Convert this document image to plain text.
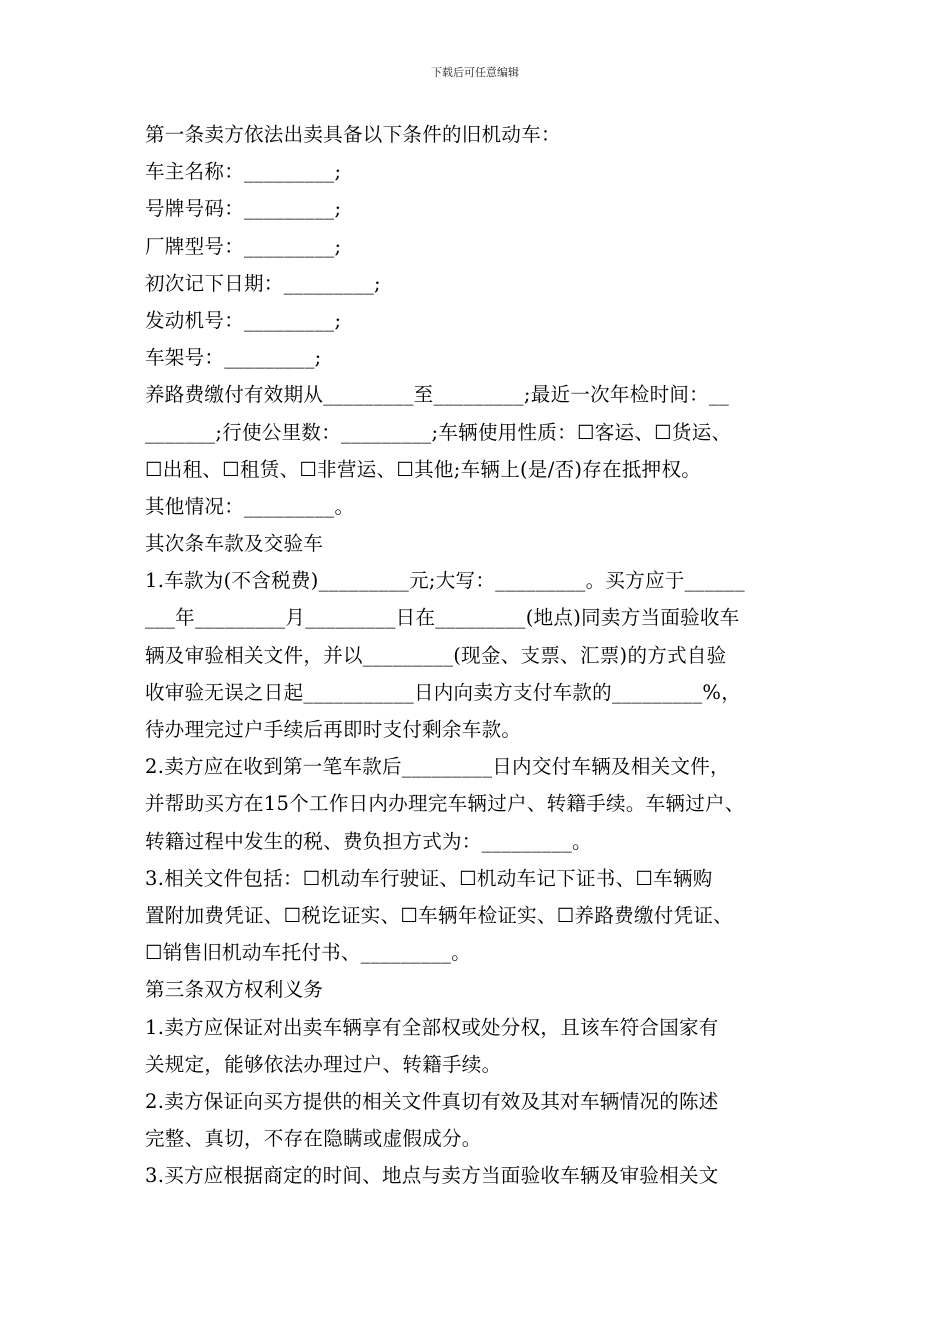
下载后可任意编辑
第一条卖方依法出卖具备以下条件的旧机动车：
车主名称：_________;
号牌号码：_________;
厂牌型号：_________;
初次记下日期：_________;
发动机号：_________;
车架号：_________;
养路费缴付有效期从_________至_________;最近一次年检时间：__
_______;行使公里数：_________;车辆使用性质：☐客运、☐货运、
☐出租、☐租赁、☐非营运、☐其他;车辆上(是/否)存在抵押权。
其他情况：_________。
其次条车款及交验车
1.车款为(不含税费)_________元;大写：_________。买方应于______
___年_________月_________日在_________(地点)同卖方当面验收车
辆及审验相关文件，并以_________(现金、支票、汇票)的方式自验
收审验无误之日起___________日内向卖方支付车款的_________%，
待办理完过户手续后再即时支付剩余车款。
2.卖方应在收到第一笔车款后_________日内交付车辆及相关文件，
并帮助买方在15个工作日内办理完车辆过户、转籍手续。车辆过户、
转籍过程中发生的税、费负担方式为：_________。
3.相关文件包括：☐机动车行驶证、☐机动车记下证书、☐车辆购
置附加费凭证、☐税讫证实、☐车辆年检证实、☐养路费缴付凭证、
☐销售旧机动车托付书、_________。
第三条双方权利义务
1.卖方应保证对出卖车辆享有全部权或处分权，且该车符合国家有
关规定，能够依法办理过户、转籍手续。
2.卖方保证向买方提供的相关文件真切有效及其对车辆情况的陈述
完整、真切，不存在隐瞒或虚假成分。
3.买方应根据商定的时间、地点与卖方当面验收车辆及审验相关文
